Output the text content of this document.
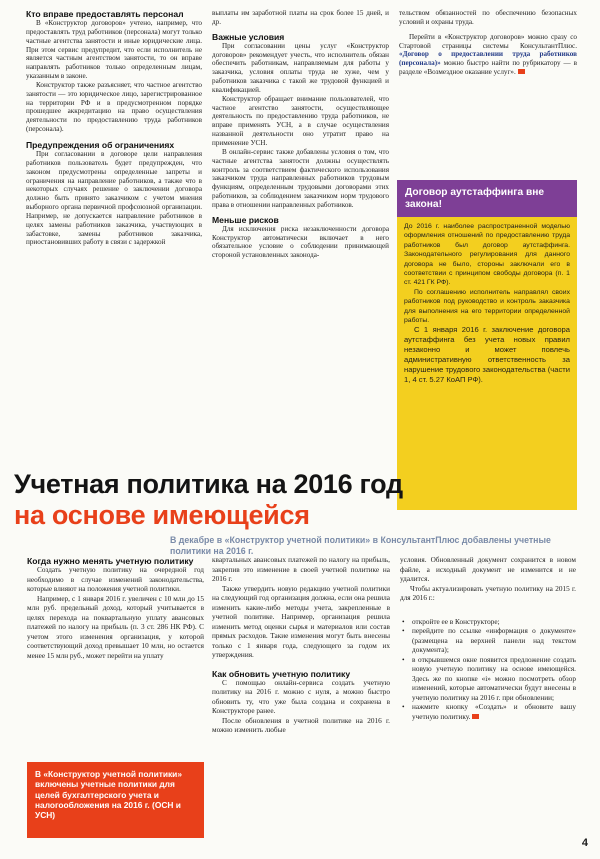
Кто вправе предоставлять персонал

В «Конструктор договоров» учтено, например, что предоставлять труд работников (персонала) могут только частные агентства занятости и иные юридические лица. При этом сервис предупредит, что если исполнитель не является частным агентством занятости, то он вправе направлять работников только определенным лицам, указанным в законе.

Конструктор также разъясняет, что частное агентство занятости — это юридическое лицо, зарегистрированное на территории РФ и в предусмотренном порядке прошедшее аккредитацию на право осуществления деятельности по предоставлению труда работников (персонала).

Предупреждения об ограничениях

При согласовании в договоре цели направления работников пользователь будет предупрежден, что законом предусмотрены определенные запреты и ограничения на направление работников, а также что в некоторых случаях решение о заключении договора должно быть принято заказчиком с учетом мнения выборного органа первичной профсоюзной организации. Например, не допускается направление работников в целях замены работников заказчика, участвующих в забастовке, замены работников заказчика, приостановивших работу в связи с задержкой

выплаты им заработной платы на срок более 15 дней, и др.

Важные условия

При согласовании цены услуг «Конструктор договоров» рекомендует учесть, что исполнитель обязан обеспечить работникам, направляемым для работы у заказчика, условия оплаты труда не хуже, чем у работников заказчика с такой же трудовой функцией и квалификацией.

Конструктор обращает внимание пользователей, что частное агентство занятости, осуществляющее деятельность по предоставлению труда работников, не вправе применять УСН, а в случае осуществления названной деятельности оно утратит право на применение УСН.

В онлайн-сервис также добавлены условия о том, что частные агентства занятости должны осуществлять контроль за соответствием фактического использования заказчиком труда направленных работников трудовым функциям, определенным трудовыми договорами этих работников, за соблюдением заказчиком норм трудового права в отношении направленных работников.

Меньше рисков

Для исключения риска незаключенности договора Конструктор автоматически включает в него обязательное условие о соблюдении принимающей стороной установленных законода-

тельством обязанностей по обеспечению безопасных условий и охраны труда.

Перейти в «Конструктор договоров» можно сразу со Стартовой страницы системы КонсультантПлюс. «Договор о предоставлении труда работников (персонала)» можно быстро найти по рубрикатору — в разделе «Возмездное оказание услуг».

Договор аутстаффинга вне закона!

До 2016 г. наиболее распространенной моделью оформления отношений по предоставлению труда работников был договор аутстаффинга. Законодательного регулирования для данного договора не было, стороны заключали его в соответствии с принципом свободы договора (п. 1 ст. 421 ГК РФ).

По соглашению исполнитель направлял своих работников под руководство и контроль заказчика для выполнения на его территории определенной работы.

С 1 января 2016 г. заключение договора аутстаффинга без учета новых правил незаконно и может повлечь административную ответственность за нарушение трудового законодательства (части 1, 4 ст. 5.27 КоАП РФ).

Учетная политика на 2016 год
на основе имеющейся
В декабре в «Конструктор учетной политики» в КонсультантПлюс добавлены учетные политики на 2016 г.
Когда нужно менять учетную политику

Создать учетную политику на очередной год необходимо в случае изменений законодательства, которые влияют на положения учетной политики.

Например, с 1 января 2016 г. увеличен с 10 млн до 15 млн руб. предельный доход, который учитывается в целях перехода на поквартальную уплату авансовых платежей по налогу на прибыль (п. 3 ст. 286 НК РФ). С учетом этого изменения организация, у которой соответствующий доход превышает 10 млн, но остается менее 15 млн руб., может перейти на уплату

В «Конструктор учетной политики» включены учетные политики для целей бухгалтерского учета и налогообложения на 2016 г. (ОСН и УСН)

квартальных авансовых платежей по налогу на прибыль, закрепив это изменение в своей учетной политике на 2016 г.

Также утвердить новую редакцию учетной политики на следующий год организация должна, если она решила изменить какие-либо методы учета, закрепленные в учетной политике. Например, организация решила изменить метод оценки сырья и материалов или состав прямых расходов. Такие изменения могут быть внесены только с 1 января года, следующего за годом их утверждения.

Как обновить учетную политику

С помощью онлайн-сервиса создать учетную политику на 2016 г. можно с нуля, а можно быстро обновить ту, что уже была создана и сохранена в Конструкторе ранее.

После обновления в учетной политике на 2016 г. можно изменить любые

условия. Обновленный документ сохранится в новом файле, а исходный документ не изменится и не удалится.

Чтобы актуализировать учетную политику на 2015 г. для 2016 г.:

• откройте ее в Конструкторе;

• перейдите по ссылке «информация о документе» (размещена на верхней панели над текстом документа);

• в открывшемся окне появится предложение создать новую учетную политику на основе имеющейся. Здесь же по кнопке «i» можно посмотреть обзор изменений, которые автоматически будут внесены в учетную политику на 2016 г. при обновлении;

• нажмите кнопку «Создать» и обновите вашу учетную политику.

4
